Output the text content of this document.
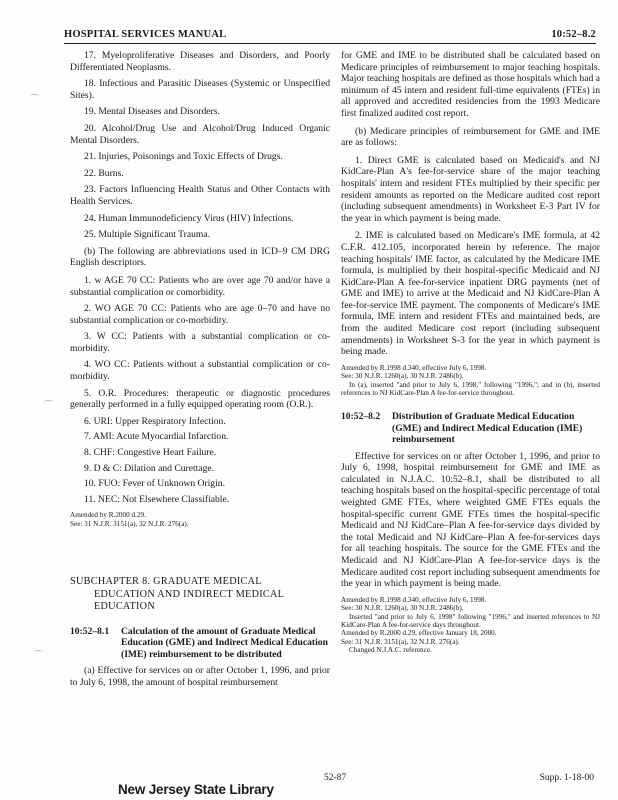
HOSPITAL SERVICES MANUAL	10:52–8.2
⌒
⌒
⌒

17. Myeloproliferative Diseases and Disorders, and Poorly Differentiated Neoplasms.

18. Infectious and Parasitic Diseases (Systemic or Unspecified Sites).

19. Mental Diseases and Disorders.

20. Alcohol/Drug Use and Alcohol/Drug Induced Organic Mental Disorders.

21. Injuries, Poisonings and Toxic Effects of Drugs.

22. Burns.

23. Factors Influencing Health Status and Other Contacts with Health Services.

24. Human Immunodeficiency Virus (HIV) Infections.

25. Multiple Significant Trauma.

(b) The following are abbreviations used in ICD–9 CM DRG English descriptors.

1. w AGE 70 CC: Patients who are over age 70 and/or have a substantial complication or comorbidity.

2. WO AGE 70 CC: Patients who are age 0–70 and have no substantial complication or co-morbidity.

3. W CC: Patients with a substantial complication or co-morbidity.

4. WO CC: Patients without a substantial complication or co-morbidity.

5. O.R. Procedures: therapeutic or diagnostic procedures generally performed in a fully equipped operating room (O.R.).

6. URI: Upper Respiratory Infection.

7. AMI: Acute Myocardial Infarction.

8. CHF: Congestive Heart Failure.

9. D & C: Dilation and Curettage.

10. FUO: Fever of Unknown Origin.

11. NEC: Not Elsewhere Classifiable.

Amended by R.2000 d.29.

See: 31 N.J.R. 3151(a), 32 N.J.R. 276(a).

SUBCHAPTER 8. GRADUATE MEDICAL
EDUCATION AND INDIRECT MEDICAL
EDUCATION
10:52–8.1	Calculation of the amount of Graduate Medical Education (GME) and Indirect Medical Education (IME) reimbursement to be distributed

(a) Effective for services on or after October 1, 1996, and prior to July 6, 1998, the amount of hospital reimbursement

for GME and IME to be distributed shall be calculated based on Medicare principles of reimbursement to major teaching hospitals. Major teaching hospitals are defined as those hospitals which had a minimum of 45 intern and resident full-time equivalents (FTEs) in all approved and accredited residencies from the 1993 Medicare first finalized audited cost report.

(b) Medicare principles of reimbursement for GME and IME are as follows:

1. Direct GME is calculated based on Medicaid's and NJ KidCare-Plan A's fee-for-service share of the major teaching hospitals' intern and resident FTEs multiplied by their specific per resident amounts as reported on the Medicare audited cost report (including subsequent amendments) in Worksheet E-3 Part IV for the year in which payment is being made.

2. IME is calculated based on Medicare's IME formula, at 42 C.F.R. 412.105, incorporated herein by reference. The major teaching hospitals' IME factor, as calculated by the Medicare IME formula, is multiplied by their hospital-specific Medicaid and NJ KidCare-Plan A fee-for-service inpatient DRG payments (net of GME and IME) to arrive at the Medicaid and NJ KidCare-Plan A fee-for-service IME payment. The components of Medicare's IME formula, IME intern and resident FTEs and maintained beds, are from the audited Medicare cost report (including subsequent amendments) in Worksheet S-3 for the year in which payment is being made.

Amended by R.1998 d.340, effective July 6, 1998.

See: 30 N.J.R. 1260(a), 30 N.J.R. 2486(b).

In (a), inserted "and prior to July 6, 1998," following "1996,"; and in (b), inserted references to NJ KidCare-Plan A fee-for-service throughout.

10:52–8.2	Distribution of Graduate Medical Education (GME) and Indirect Medical Education (IME) reimbursement

Effective for services on or after October 1, 1996, and prior to July 6, 1998, hospital reimbursement for GME and IME as calculated in N.J.A.C. 10:52–8.1, shall be distributed to all teaching hospitals based on the hospital-specific percentage of total weighted GME FTEs, where weighted GME FTEs equals the hospital-specific current GME FTEs times the hospital-specific Medicaid and NJ KidCare–Plan A fee-for-service days divided by the total Medicaid and NJ KidCare–Plan A fee-for-services days for all teaching hospitals. The source for the GME FTEs and the Medicaid and NJ KidCare-Plan A fee-for-service days is the Medicare audited cost report including subsequent amendments for the year in which payment is being made.

Amended by R.1998 d.340, effective July 6, 1998.

See: 30 N.J.R. 1260(a), 30 N.J.R. 2486(b).

Inserted "and prior to July 6, 1998" following "1996," and inserted references to NJ KidCare-Plan A fee-for-service days throughout.

Amended by R.2000 d.29, effective January 18, 2000.

See: 31 N.J.R. 3151(a), 32 N.J.R. 276(a).

Changed N.J.A.C. reference.

52-87	Supp. 1-18-00
New Jersey State Library
